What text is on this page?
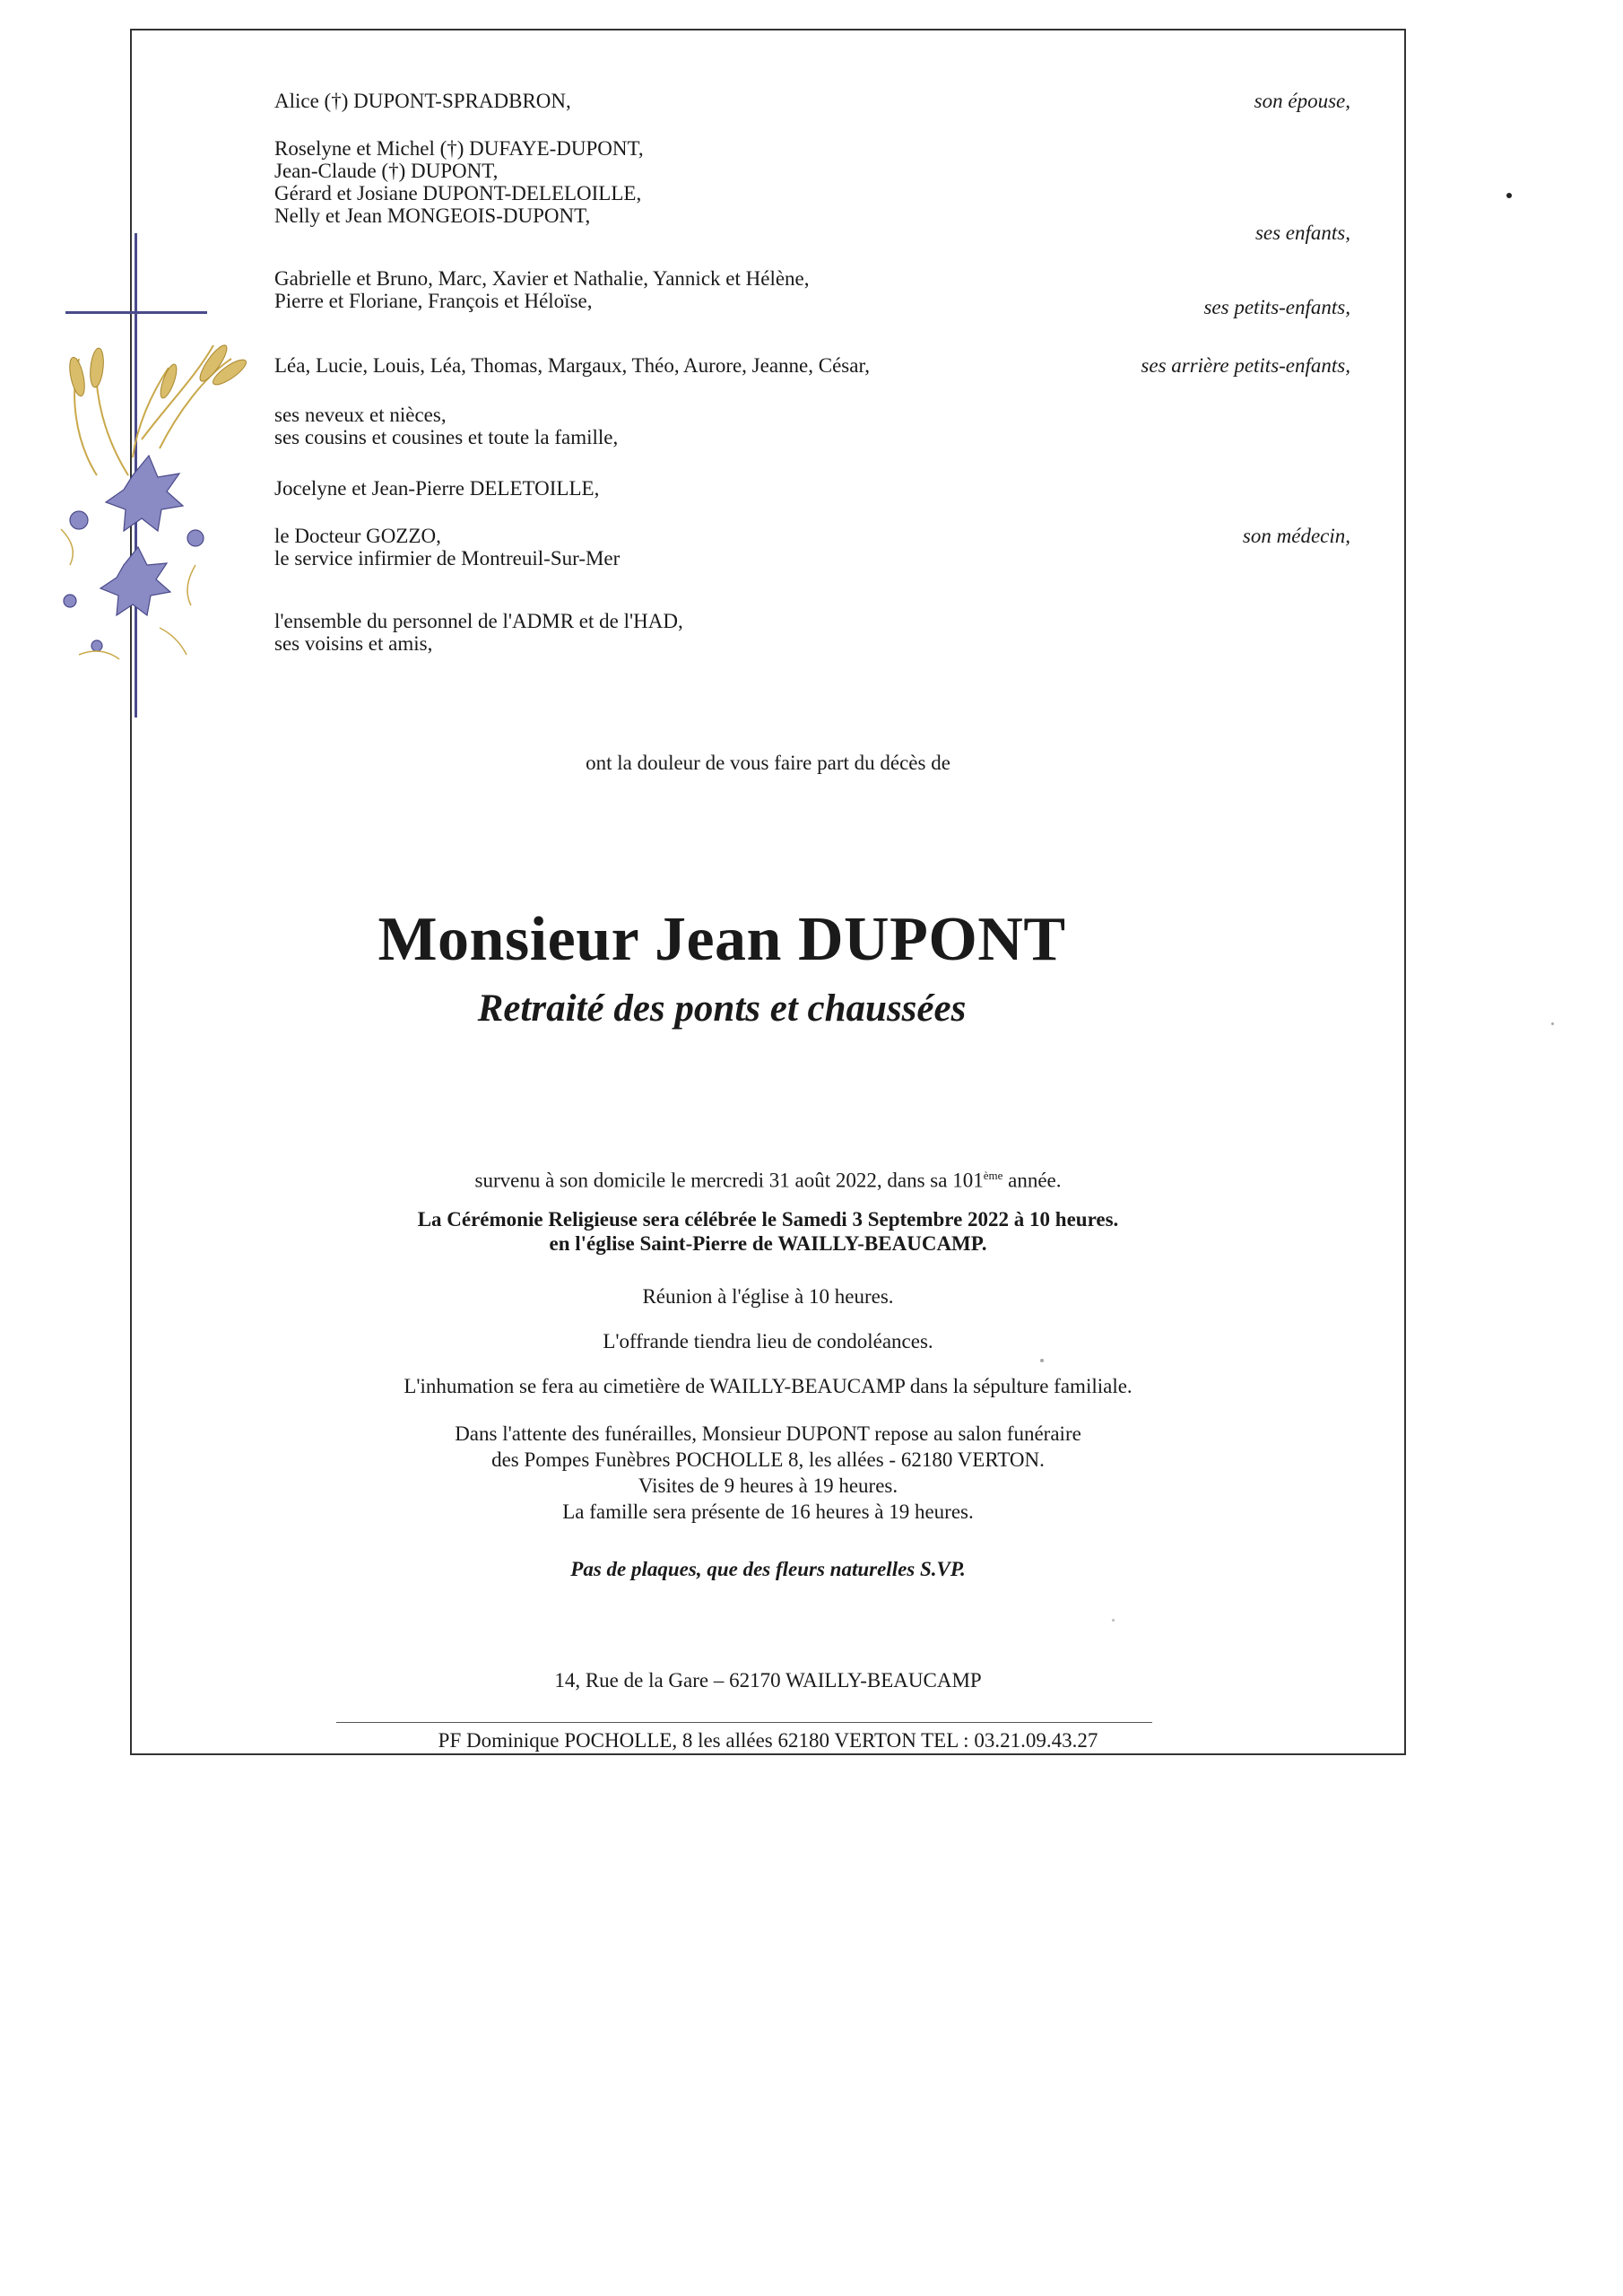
Alice (†) DUPONT-SPRADBRON,	son épouse,
Roselyne et Michel (†) DUFAYE-DUPONT,
Jean-Claude (†) DUPONT,
Gérard et Josiane DUPONT-DELELOILLE,
Nelly et Jean MONGEOIS-DUPONT,
ses enfants,
Gabrielle et Bruno, Marc, Xavier et Nathalie, Yannick et Hélène,
Pierre et Floriane, François et Héloïse,	ses petits-enfants,
Léa, Lucie, Louis, Léa, Thomas, Margaux, Théo, Aurore, Jeanne, César,	ses arrière petits-enfants,
ses neveux et nièces,
ses cousins et cousines et toute la famille,
Jocelyne et Jean-Pierre DELETOILLE,
le Docteur GOZZO,
le service infirmier de Montreuil-Sur-Mer
son médecin,
l'ensemble du personnel de l'ADMR et de l'HAD,
ses voisins et amis,
ont la douleur de vous faire part du décès de
Monsieur Jean DUPONT
Retraité des ponts et chaussées
survenu à son domicile le mercredi 31 août 2022, dans sa 101ème année.
La Cérémonie Religieuse sera célébrée le Samedi 3 Septembre 2022 à 10 heures.
en l'église Saint-Pierre de WAILLY-BEAUCAMP.
Réunion à l'église à 10 heures.
L'offrande tiendra lieu de condoléances.
L'inhumation se fera au cimetière de WAILLY-BEAUCAMP dans la sépulture familiale.
Dans l'attente des funérailles, Monsieur DUPONT repose au salon funéraire
des Pompes Funèbres POCHOLLE 8, les allées - 62180 VERTON.
Visites de 9 heures à 19 heures.
La famille sera présente de 16 heures à 19 heures.
Pas de plaques, que des fleurs naturelles S.VP.
14, Rue de la Gare – 62170 WAILLY-BEAUCAMP
PF Dominique POCHOLLE, 8 les allées 62180 VERTON TEL : 03.21.09.43.27
